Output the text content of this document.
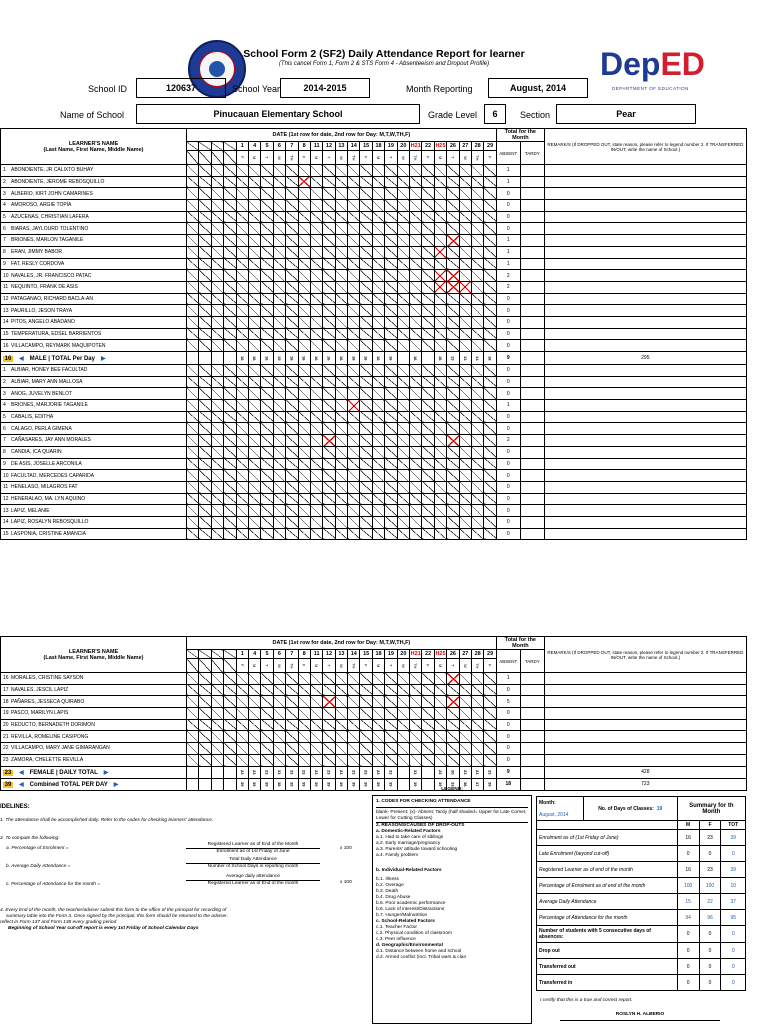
School Form 2 (SF2) Daily Attendance Report for learner
(This cancel Form 1, Form 2 & STS Form 4 - Absenteeism and Dropout Profile)	DepED
DEPARTMENT OF EDUCATION
School ID	120637	School Year	2014-2015	Month Reporting	August, 2014
Name of School	Pinucauan Elementary School	Grade Level	6	Section	Pear
LEARNER'S NAME
(Last Name, First Name, Middle Name)	DATE (1st row for date, 2nd row for Day: M,T,W,TH,F)																									Total for the Month		REMARK/S (If DROPPED OUT, state reason, please refer to legend number 2. If TRANSFERRED IN/OUT, write the name of School.)
					1	4	5	6	7	8	11	12	13	14	15	18	19	20	H21	22	H25	26	27	28	29	ABSENT	TARDY	
					F	M	T	W	TH	F	M	T	W	TH	F	M	T	W	TH	F	M	T	W	TH	F			
1 ABONDIENTE, JR CALIXTO BUHAY																										1		
2 ABONDIENTE, JEROME REBOSQUILLO																										1		
3 ALBERIO, KIRT JOHN CAMARINES																										0		
4 AMOROSO, ARGIE TOPIA																										0		
5 AZUCENAS, CHRISTIAN LAFERA																										0		
6 BIARAS, JAYLOURD TOLENTINO																										0		
7 BRIONES, MARLON TAGANILE																										1		
8 ERAN, JIMMY BABOR																										1		
9 FAT, RESLY CORDOVA																										1		
10 NAVALES, JR. FRANCISCO PATAC																										2		
11 NEQUINTO, FRANK DE ASIS																										2		
12 PATAGANAO, RICHARD BACLA-AN																										0		
13 PAURILLO, JESON TRAYA																										0		
14 PITOS, ANGELO ABADANO																										0		
15 TEMPERATURA, EDSEL BARRIENTOS																										0		
16 VILLACAMPO, REYMARK MAQUIPOTEN																										0		
16 ◀ MALE | TOTAL Per Day ▶					16	16	16	15	16	16	16	16	16	16	16	16	16		16		16	13	13	14	16	9		295
1 ALBIAR, HONEY BEE FACULTAD																										0		
2 ALBIAR, MARY ANN MALLOSA																										0		
3 ANOG, JUVELYN BENLOT																										0		
4 BRIONES, MARJORIE TAGANILE																										1		
5 CABALIS, EDITHA																										0		
6 CALAGO, PERLA GIMENA																										0		
7 CAÑASARES, JAY ANN MORALES																										2		
8 CANDIA, ICA QUARIN																										0		
9 DE ASIS, JOSELLE ARCONILA																										0		
10 FACULTAD, MERCEDES CAPARIDA																										0		
11 HENELASO, MILAGROS FAT																										0		
12 HENERALAO, MA. LYN AQUINO																										0		
13 LAPIZ, MELANIE																										0		
14 LAPIZ, ROSALYN REBOSQUILLO																										0		
15 LASPONIA, CRISTINE AMANCIA																										0		
LEARNER'S NAME
(Last Name, First Name, Middle Name)	DATE (1st row for date, 2nd row for Day: M,T,W,TH,F)																									Total for the Month		REMARK/S (If DROPPED OUT, state reason, please refer to legend number 2. If TRANSFERRED IN/OUT, write the name of School.)
					1	4	5	6	7	8	11	12	13	14	15	18	19	20	H21	22	H25	26	27	28	29	ABSENT	TARDY	
					F	M	T	W	TH	F	M	T	W	TH	F	M	T	W	TH	F	M	T	W	TH	F			
16 MORALES, CRISTINE SAYSON																										1		
17 NAVALES, JESCIL LAPIZ																										0		
18 PAÑARES, JESSECA QUIRABO																										5		
19 PASCO, MARILYN LAPIS																										0		
20 REDUCTO, BERNADETH DORIMON																										0		
21 REVILLA, ROMELINE CASIPONG																										0		
22 VILLACAMPO, MARY JANE GIMARANGAN																										0		
23 ZAMORA, CHELETTE REVILLA																										0		
23 ◀ FEMALE | DAILY TOTAL ▶					23	23	23	23	23	23	23	23	23	23	23	23	23		23		23	20	23	23	23	9		428
39 ◀ Combined TOTAL PER DAY ▶					39	39	39	38	39	39	39	39	39	39	39	39	39		39		39	33	36	37	39	18		723
IDELINES:
1. The attendance shall be accomplished daily. Refer to the codes for checking learners' attendance.
3. To compute the following:
a. Percentage of Enrolment =
Registered Learner as of End of the Month
Enrolment as of 1st Friday of June
x 100
b. Average Daily Attendance =
Total Daily Attendance
Number of School Days in reporting month
c. Percentage of Attendance for the month =
Average daily attendance
Registered Learner as of End of the month	x 100
4. Every End of the month, the teacher/adviser submit this form to the office of the principal for recording of
summary table into the Form 3. Once signed by the principal, this form should be returned to the adviser.
reflect in Form 137 and Form 138 every grading period
Beginning of School Year cut-off report is every 1st Friday of School Calendar Days
LEGEND:
1. CODES FOR CHECKING ATTENDANCE
blank- Present; (x)- Absent; Tardy (half shaded= Upper for Late Comer, Lower for Cutting Classes)
2. REASONS/CAUSES OF DROP-OUTS
a. Domestic-Related Factors
a.1. Had to take care of siblings
a.2. Early marriage/pregnancy
a.3. Parents' attitude toward schooling
a.4. Family problem
b. Individual-Related Factors
b.1. Illness
b.2. Overage
b.3. Death
b.4. Drug Abuse
b.5. Poor academic performance
b.6. Lack of interest/Distractions
b.7. Hunger/Malnutrition
c. School-Related Factors
c.1. Teacher Factor
c.2. Physical condition of classroom
c.3. Peer influence
d. Geographic/Environmental
d.1. Distance between home and school
d.2. Armed conflict (incl. Tribal wars & clan
Month:
August, 2014	No. of Days of Classes: 19	Summary for th Month		
		M	F	TOT
Enrolment as of (1st Friday of June)		16	23	39
Late Enrolment (beyond cut-off)		0	0	0
Registered Learner as of end of the month		16	23	39
Percentage of Enrolment as of end of the month		100	100	10
Average Daily Attendance		15	22	37
Percentage of Attendance for the month		94	96	95
Number of students with 5 consecutive days of absences:		0	0	0
Drop out		0	0	0
Transferred out		0	0	0
Transferred in		0	0	0
I certify that this is a true and correct report.
ROSLYN H. ALBERIO
